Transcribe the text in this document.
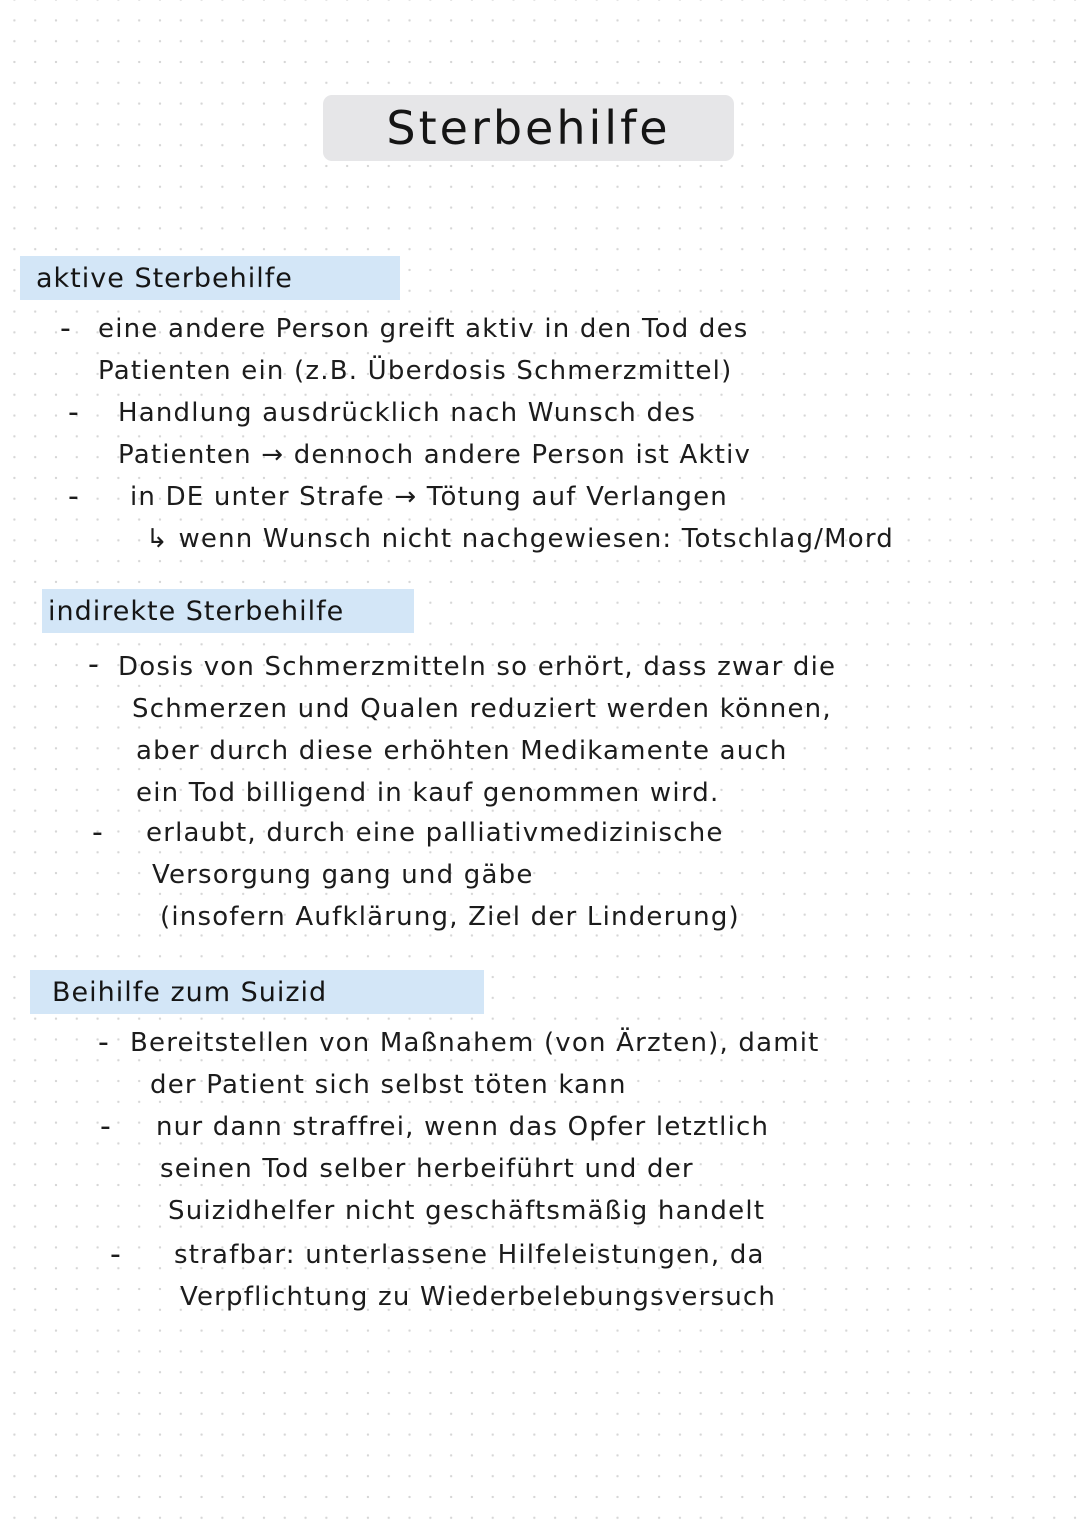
Sterbehilfe
aktive Sterbehilfe
- eine andere Person greift aktiv in den Tod des
Patienten ein (z.B. Überdosis Schmerzmittel)
- Handlung ausdrücklich nach Wunsch des
Patienten → dennoch andere Person ist Aktiv
- in DE unter Strafe → Tötung auf Verlangen
↳ wenn Wunsch nicht nachgewiesen: Totschlag/Mord
indirekte Sterbehilfe
- Dosis von Schmerzmitteln so erhört, dass zwar die
Schmerzen und Qualen reduziert werden können,
aber durch diese erhöhten Medikamente auch
ein Tod billigend in kauf genommen wird.
- erlaubt, durch eine palliativmedizinische
Versorgung gang und gäbe
(insofern Aufklärung, Ziel der Linderung)
Beihilfe zum Suizid
- Bereitstellen von Maßnahem (von Ärzten), damit
der Patient sich selbst töten kann
- nur dann straffrei, wenn das Opfer letztlich
seinen Tod selber herbeiführt und der
Suizidhelfer nicht geschäftsmäßig handelt
- strafbar: unterlassene Hilfeleistungen, da
Verpflichtung zu Wiederbelebungsversuch
